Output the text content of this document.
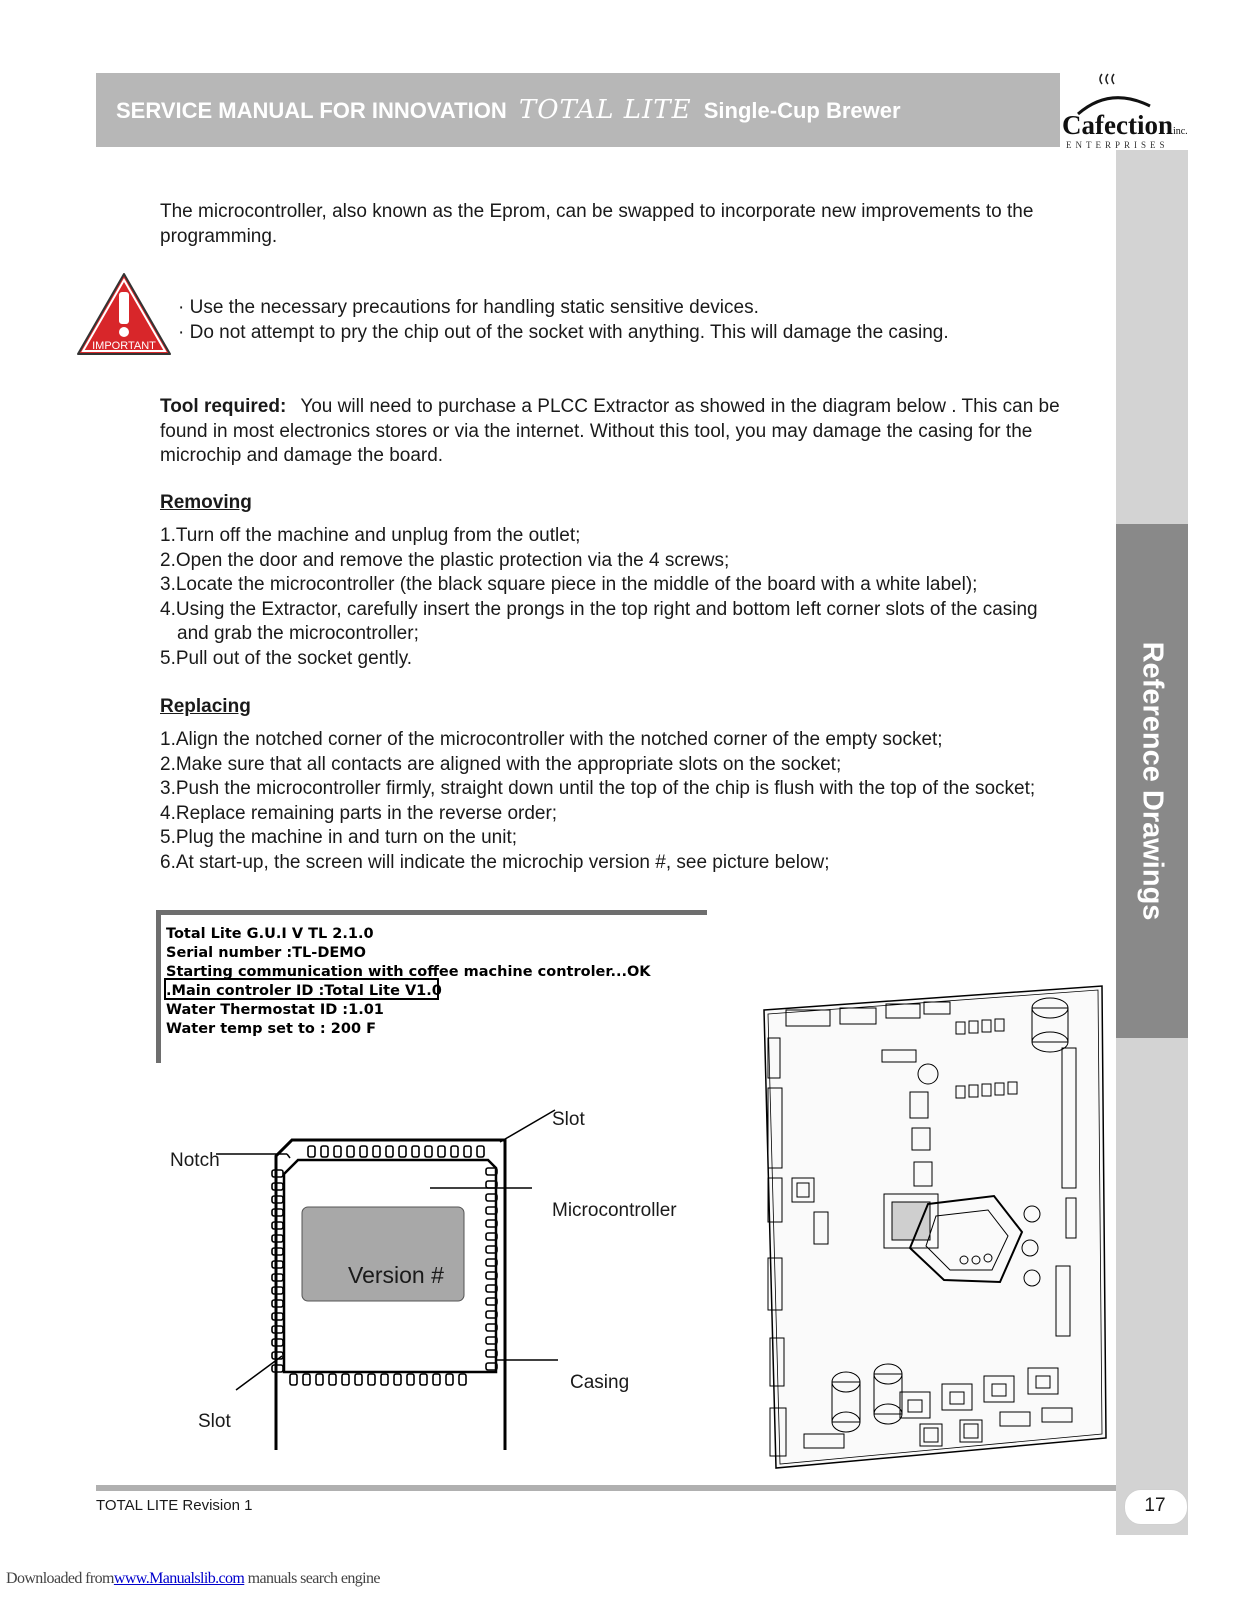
SERVICE MANUAL FOR INNOVATION TOTAL LITE Single-Cup Brewer	Cafectioninc.
ENTERPRISES
Reference Drawings
The microcontroller, also known as the Eprom, can be swapped to incorporate new improvements to the programming.
IMPORTANT
· Use the necessary precautions for handling static sensitive devices.
· Do not attempt to pry the chip out of the socket with anything. This will damage the casing.
Tool required: You will need to purchase a PLCC Extractor as showed in the diagram below . This can be found in most electronics stores or via the internet. Without this tool, you may damage the casing for the microchip and damage the board.
Removing
1.Turn off the machine and unplug from the outlet;
2.Open the door and remove the plastic protection via the 4 screws;
3.Locate the microcontroller (the black square piece in the middle of the board with a white label);
4.Using the Extractor, carefully insert the prongs in the top right and bottom left corner slots of the casing and grab the microcontroller;
5.Pull out of the socket gently.
Replacing
1.Align the notched corner of the microcontroller with the notched corner of the empty socket;
2.Make sure that all contacts are aligned with the appropriate slots on the socket;
3.Push the microcontroller firmly, straight down until the top of the chip is flush with the top of the socket;
4.Replace remaining parts in the reverse order;
5.Plug the machine in and turn on the unit;
6.At start-up, the screen will indicate the microchip version #, see picture below;
Total Lite G.U.I V TL 2.1.0
Serial number :TL-DEMO
Starting communication with coffee machine controler...OK
.Main controler ID :Total Lite V1.0
Water Thermostat ID :1.01
Water temp set to : 200 F
Slot
Notch
Microcontroller
Version #
Casing
Slot
TOTAL LITE Revision 1	17
Downloaded fromwww.Manualslib.com manuals search engine
